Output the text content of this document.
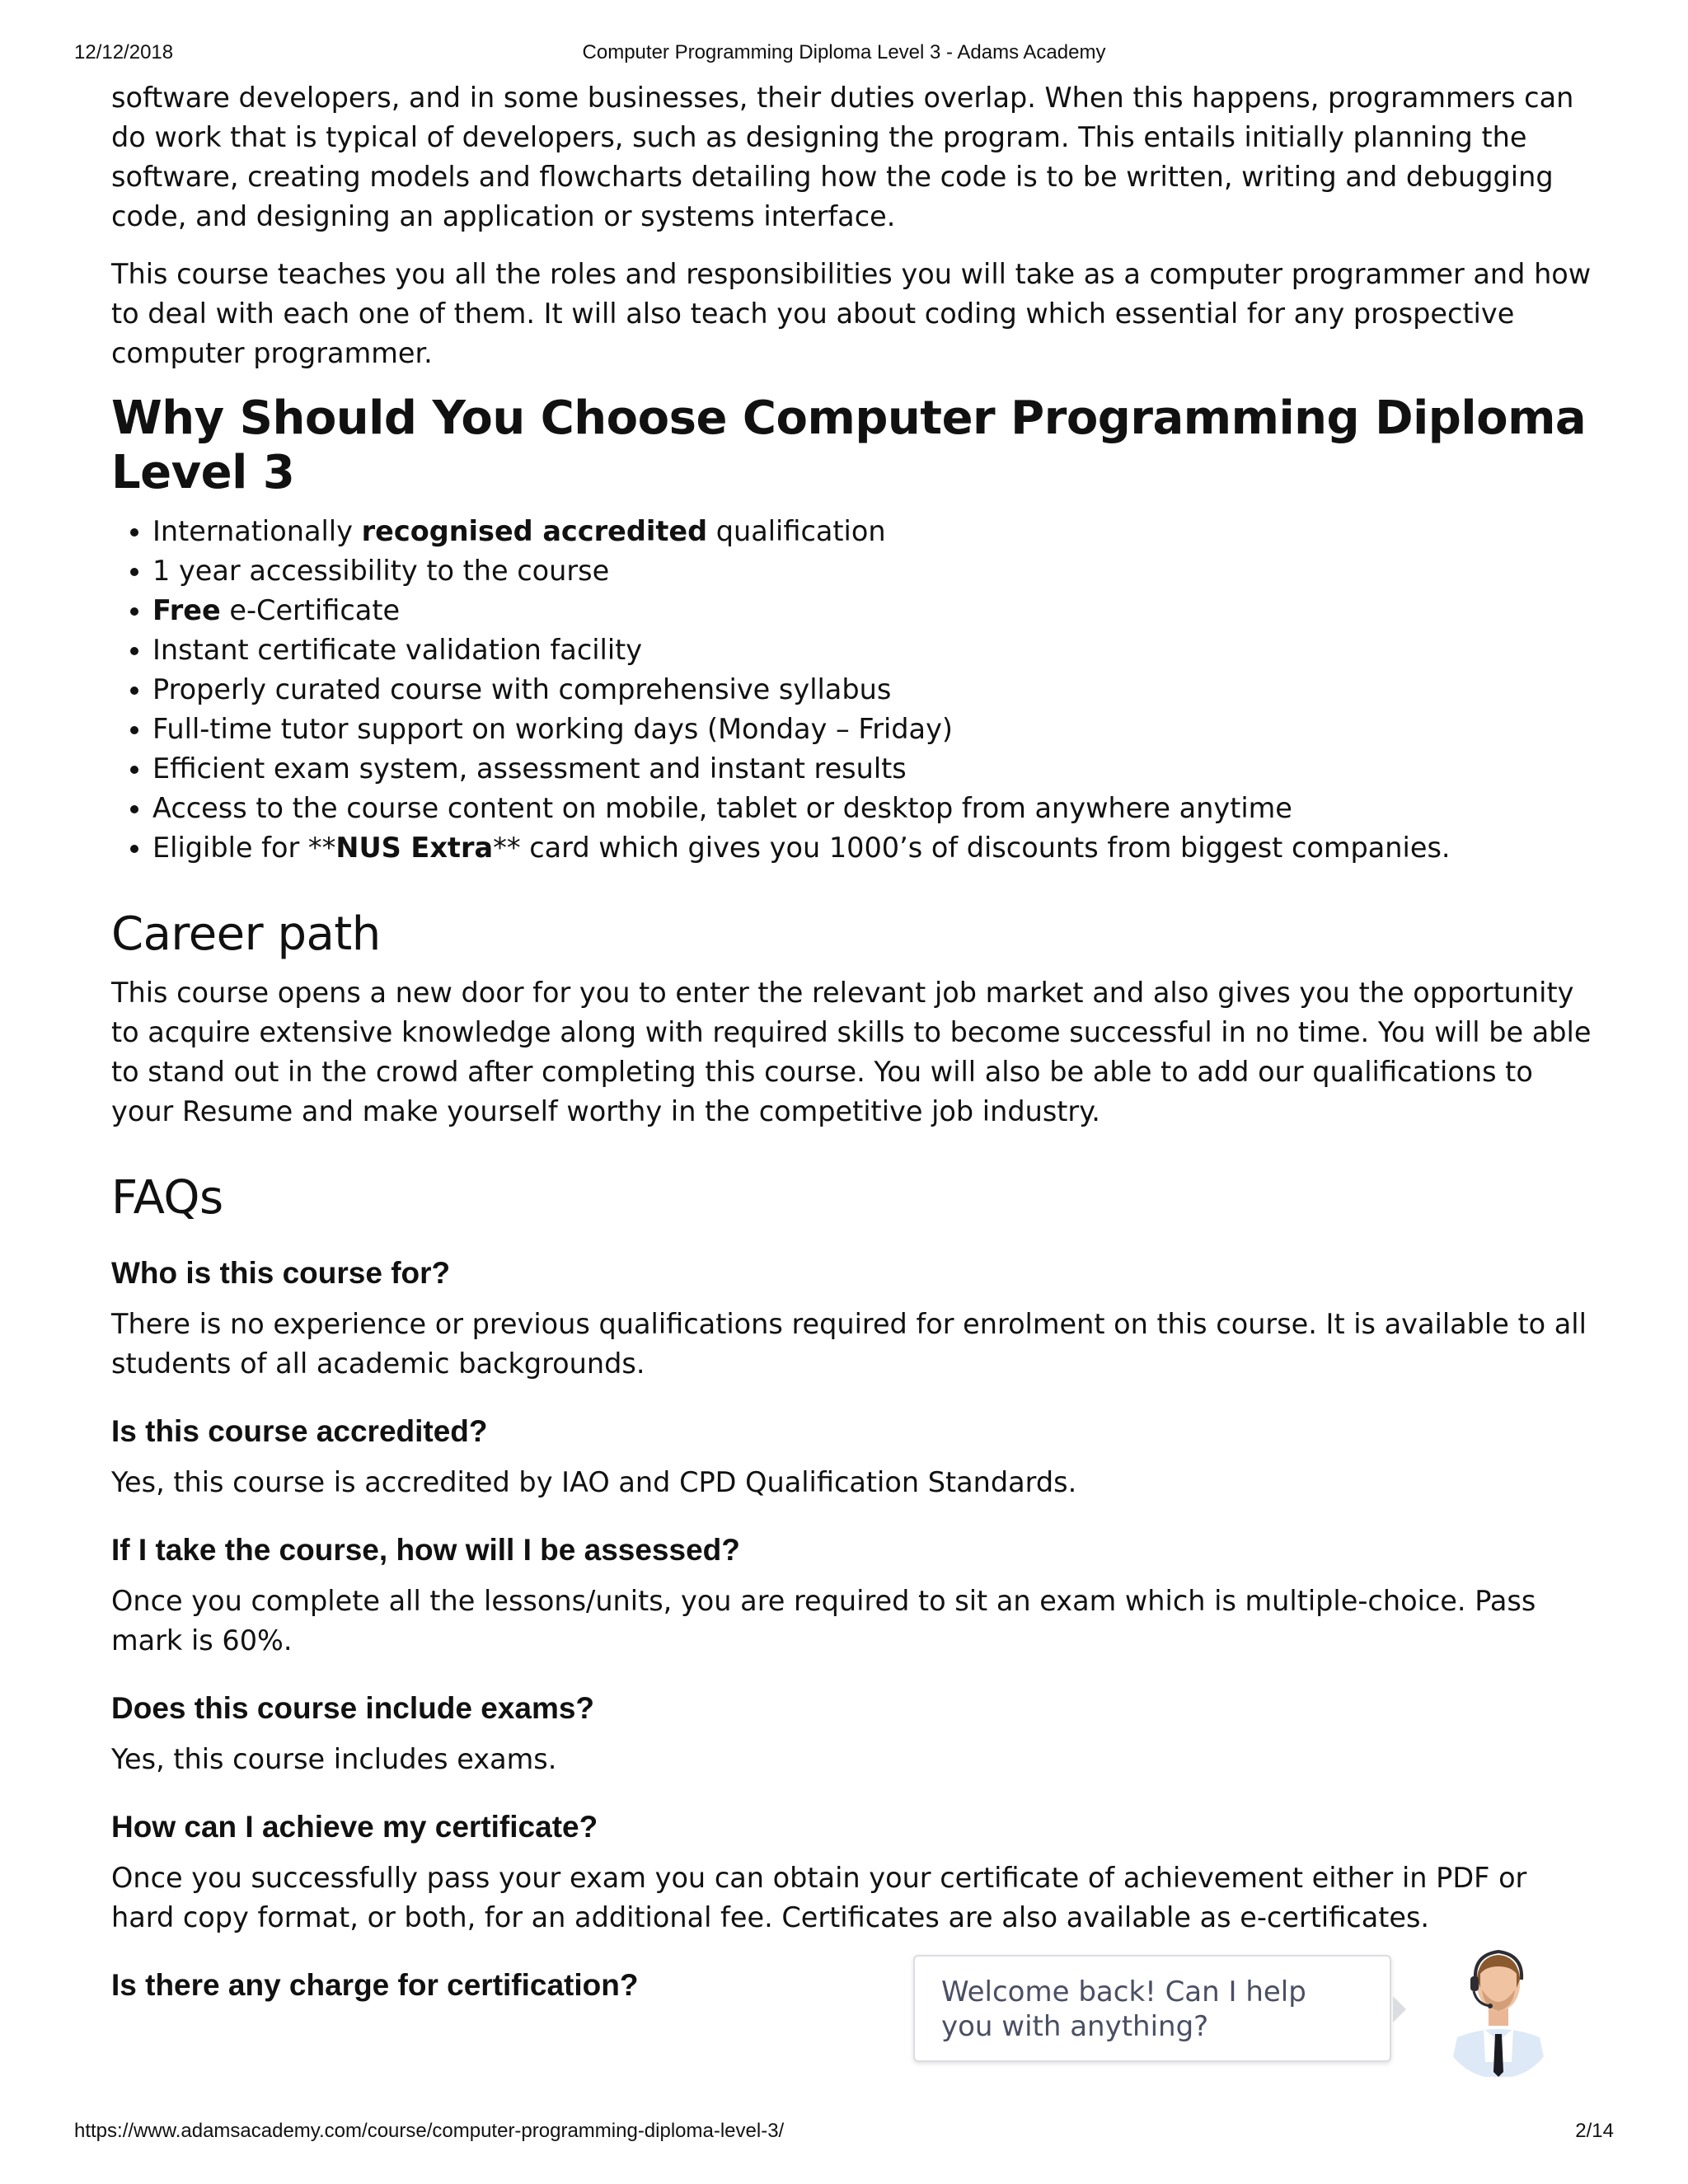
12/12/2018	Computer Programming Diploma Level 3 - Adams Academy

software developers, and in some businesses, their duties overlap. When this happens, programmers can do work that is typical of developers, such as designing the program. This entails initially planning the software, creating models and flowcharts detailing how the code is to be written, writing and debugging code, and designing an application or systems interface.

This course teaches you all the roles and responsibilities you will take as a computer programmer and how to deal with each one of them. It will also teach you about coding which essential for any prospective computer programmer.

Why Should You Choose Computer Programming Diploma Level 3
• Internationally recognised accredited qualification
• 1 year accessibility to the course
• Free e-Certificate
• Instant certificate validation facility
• Properly curated course with comprehensive syllabus
• Full-time tutor support on working days (Monday – Friday)
• Efficient exam system, assessment and instant results
• Access to the course content on mobile, tablet or desktop from anywhere anytime
• Eligible for **NUS Extra** card which gives you 1000’s of discounts from biggest companies.
Career path

This course opens a new door for you to enter the relevant job market and also gives you the opportunity to acquire extensive knowledge along with required skills to become successful in no time. You will be able to stand out in the crowd after completing this course. You will also be able to add our qualifications to your Resume and make yourself worthy in the competitive job industry.

FAQs
Who is this course for?

There is no experience or previous qualifications required for enrolment on this course. It is available to all students of all academic backgrounds.

Is this course accredited?

Yes, this course is accredited by IAO and CPD Qualification Standards.

If I take the course, how will I be assessed?

Once you complete all the lessons/units, you are required to sit an exam which is multiple-choice. Pass mark is 60%.

Does this course include exams?

Yes, this course includes exams.

How can I achieve my certificate?

Once you successfully pass your exam you can obtain your certificate of achievement either in PDF or hard copy format, or both, for an additional fee. Certificates are also available as e-certificates.

Is there any charge for certification?	Welcome back! Can I help you with anything?
https://www.adamsacademy.com/course/computer-programming-diploma-level-3/	2/14
